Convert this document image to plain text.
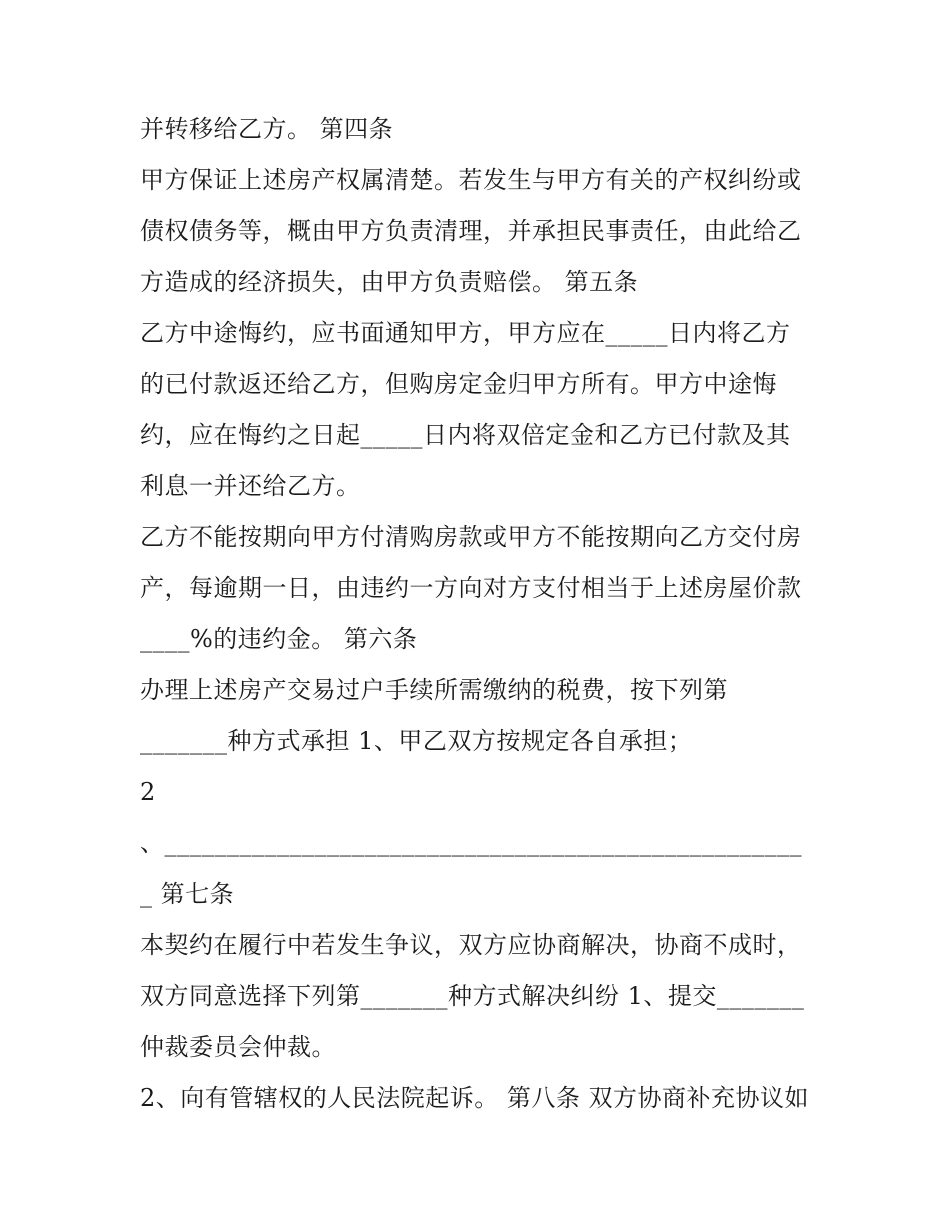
并转移给乙方。 第四条
甲方保证上述房产权属清楚。若发生与甲方有关的产权纠纷或
债权债务等，概由甲方负责清理，并承担民事责任，由此给乙
方造成的经济损失，由甲方负责赔偿。 第五条
乙方中途悔约，应书面通知甲方，甲方应在_____日内将乙方
的已付款返还给乙方，但购房定金归甲方所有。甲方中途悔
约，应在悔约之日起_____日内将双倍定金和乙方已付款及其
利息一并还给乙方。
乙方不能按期向甲方付清购房款或甲方不能按期向乙方交付房
产，每逾期一日，由违约一方向对方支付相当于上述房屋价款
____%的违约金。 第六条
办理上述房产交易过户手续所需缴纳的税费，按下列第
_______种方式承担 1、甲乙双方按规定各自承担；
2
、___________________________________________________
_ 第七条
本契约在履行中若发生争议，双方应协商解决，协商不成时，
双方同意选择下列第_______种方式解决纠纷 1、提交_______
仲裁委员会仲裁。
2、向有管辖权的人民法院起诉。 第八条 双方协商补充协议如
